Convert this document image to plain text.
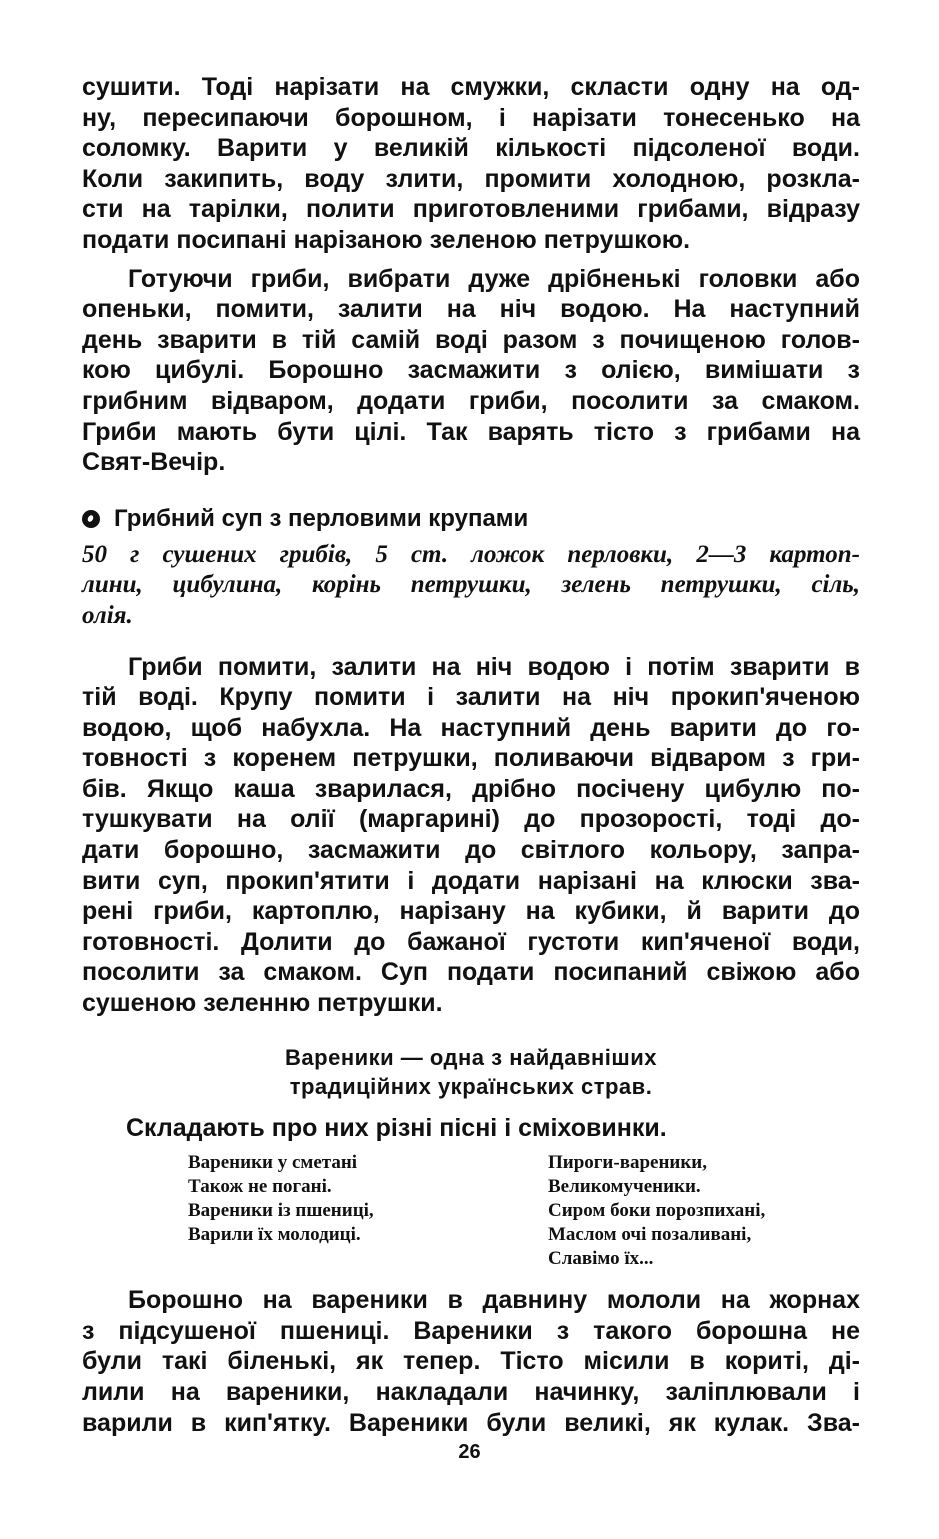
сушити. Тоді нарізати на смужки, скласти одну на од-
ну, пересипаючи борошном, і нарізати тонесенько на
соломку. Варити у великій кількості підсоленої води.
Коли закипить, воду злити, промити холодною, розкла-
сти на тарілки, полити приготовленими грибами, відразу
подати посипані нарізаною зеленою петрушкою.
Готуючи гриби, вибрати дуже дрібненькі головки або
опеньки, помити, залити на ніч водою. На наступний
день зварити в тій самій воді разом з почищеною голов-
кою цибулі. Борошно засмажити з олією, вимішати з
грибним відваром, додати гриби, посолити за смаком.
Гриби мають бути цілі. Так варять тісто з грибами на
Свят-Вечір.
Грибний суп з перловими крупами
50 г сушених грибів, 5 ст. ложок перловки, 2—3 картоп-
лини, цибулина, корінь петрушки, зелень петрушки, сіль,
олія.
Гриби помити, залити на ніч водою і потім зварити в
тій воді. Крупу помити і залити на ніч прокип'яченою
водою, щоб набухла. На наступний день варити до го-
товності з коренем петрушки, поливаючи відваром з гри-
бів. Якщо каша зварилася, дрібно посічену цибулю по-
тушкувати на олії (маргарині) до прозорості, тоді до-
дати борошно, засмажити до світлого кольору, запра-
вити суп, прокип'ятити і додати нарізані на клюски зва-
рені гриби, картоплю, нарізану на кубики, й варити до
готовності. Долити до бажаної густоти кип'яченої води,
посолити за смаком. Суп подати посипаний свіжою або
сушеною зеленню петрушки.
Вареники — одна з найдавніших
традиційних українських страв.
Складають про них різні пісні і сміховинки.
Вареники у сметані
Також не погані.
Вареники із пшениці,
Варили їх молодиці.
Пироги-вареники,
Великомученики.
Сиром боки порозпихані,
Маслом очі позаливані,
Славімо їх...
Борошно на вареники в давнину мололи на жорнах
з підсушеної пшениці. Вареники з такого борошна не
були такі біленькі, як тепер. Тісто місили в кориті, ді-
лили на вареники, накладали начинку, заліплювали і
варили в кип'ятку. Вареники були великі, як кулак. Зва-
26
